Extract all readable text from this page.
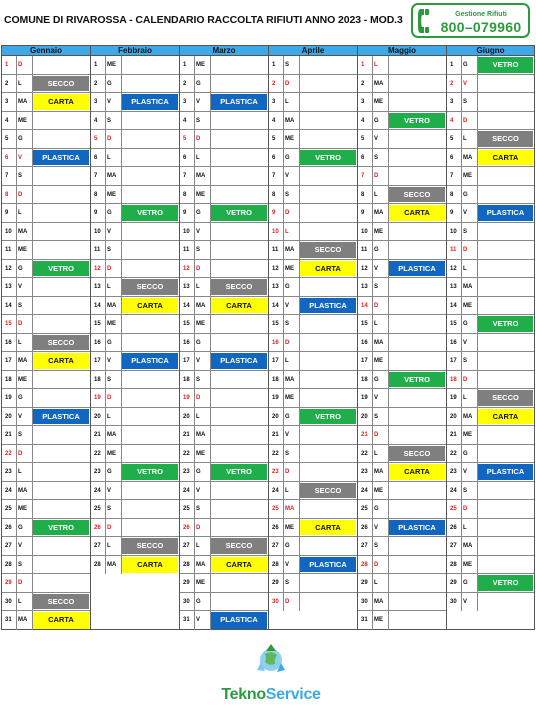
COMUNE DI RIVAROSSA - CALENDARIO RACCOLTA RIFIUTI ANNO 2023 - MOD.3	Gestione Rifiuti
800–079960
Gennaio
1 D
2 L	SECCO
3 MA	CARTA
4 ME
5 G
6 V	PLASTICA
7 S
8 D
9 L
10 MA
11 ME
12 G	VETRO
13 V
14 S
15 D
16 L	SECCO
17 MA	CARTA
18 ME
19 G
20 V	PLASTICA
21 S
22 D
23 L
24 MA
25 ME
26 G	VETRO
27 V
28 S
29 D
30 L	SECCO
31 MA	CARTA
Febbraio
1 ME
2 G
3 V	PLASTICA
4 S
5 D
6 L
7 MA
8 ME
9 G	VETRO
10 V
11 S
12 D
13 L	SECCO
14 MA	CARTA
15 ME
16 G
17 V	PLASTICA
18 S
19 D
20 L
21 MA
22 ME
23 G	VETRO
24 V
25 S
26 D
27 L	SECCO
28 MA	CARTA
Marzo
1 ME
2 G
3 V	PLASTICA
4 S
5 D
6 L
7 MA
8 ME
9 G	VETRO
10 V
11 S
12 D
13 L	SECCO
14 MA	CARTA
15 ME
16 G
17 V	PLASTICA
18 S
19 D
20 L
21 MA
22 ME
23 G	VETRO
24 V
25 S
26 D
27 L	SECCO
28 MA	CARTA
29 ME
30 G
31 V	PLASTICA
Aprile
1 S
2 D
3 L
4 MA
5 ME
6 G	VETRO
7 V
8 S
9 D
10 L
11 MA	SECCO
12 ME	CARTA
13 G
14 V	PLASTICA
15 S
16 D
17 L
18 MA
19 ME
20 G	VETRO
21 V
22 S
23 D
24 L	SECCO
25 MA
26 ME	CARTA
27 G
28 V	PLASTICA
29 S
30 D
Maggio
1 L
2 MA
3 ME
4 G	VETRO
5 V
6 S
7 D
8 L	SECCO
9 MA	CARTA
10 ME
11 G
12 V	PLASTICA
13 S
14 D
15 L
16 MA
17 ME
18 G	VETRO
19 V
20 S
21 D
22 L	SECCO
23 MA	CARTA
24 ME
25 G
26 V	PLASTICA
27 S
28 D
29 L
30 MA
31 ME
Giugno
1 G	VETRO
2 V
3 S
4 D
5 L	SECCO
6 MA	CARTA
7 ME
8 G
9 V	PLASTICA
10 S
11 D
12 L
13 MA
14 ME
15 G	VETRO
16 V
17 S
18 D
19 L	SECCO
20 MA	CARTA
21 ME
22 G
23 V	PLASTICA
24 S
25 D
26 L
27 MA
28 ME
29 G	VETRO
30 V
TeknoService
